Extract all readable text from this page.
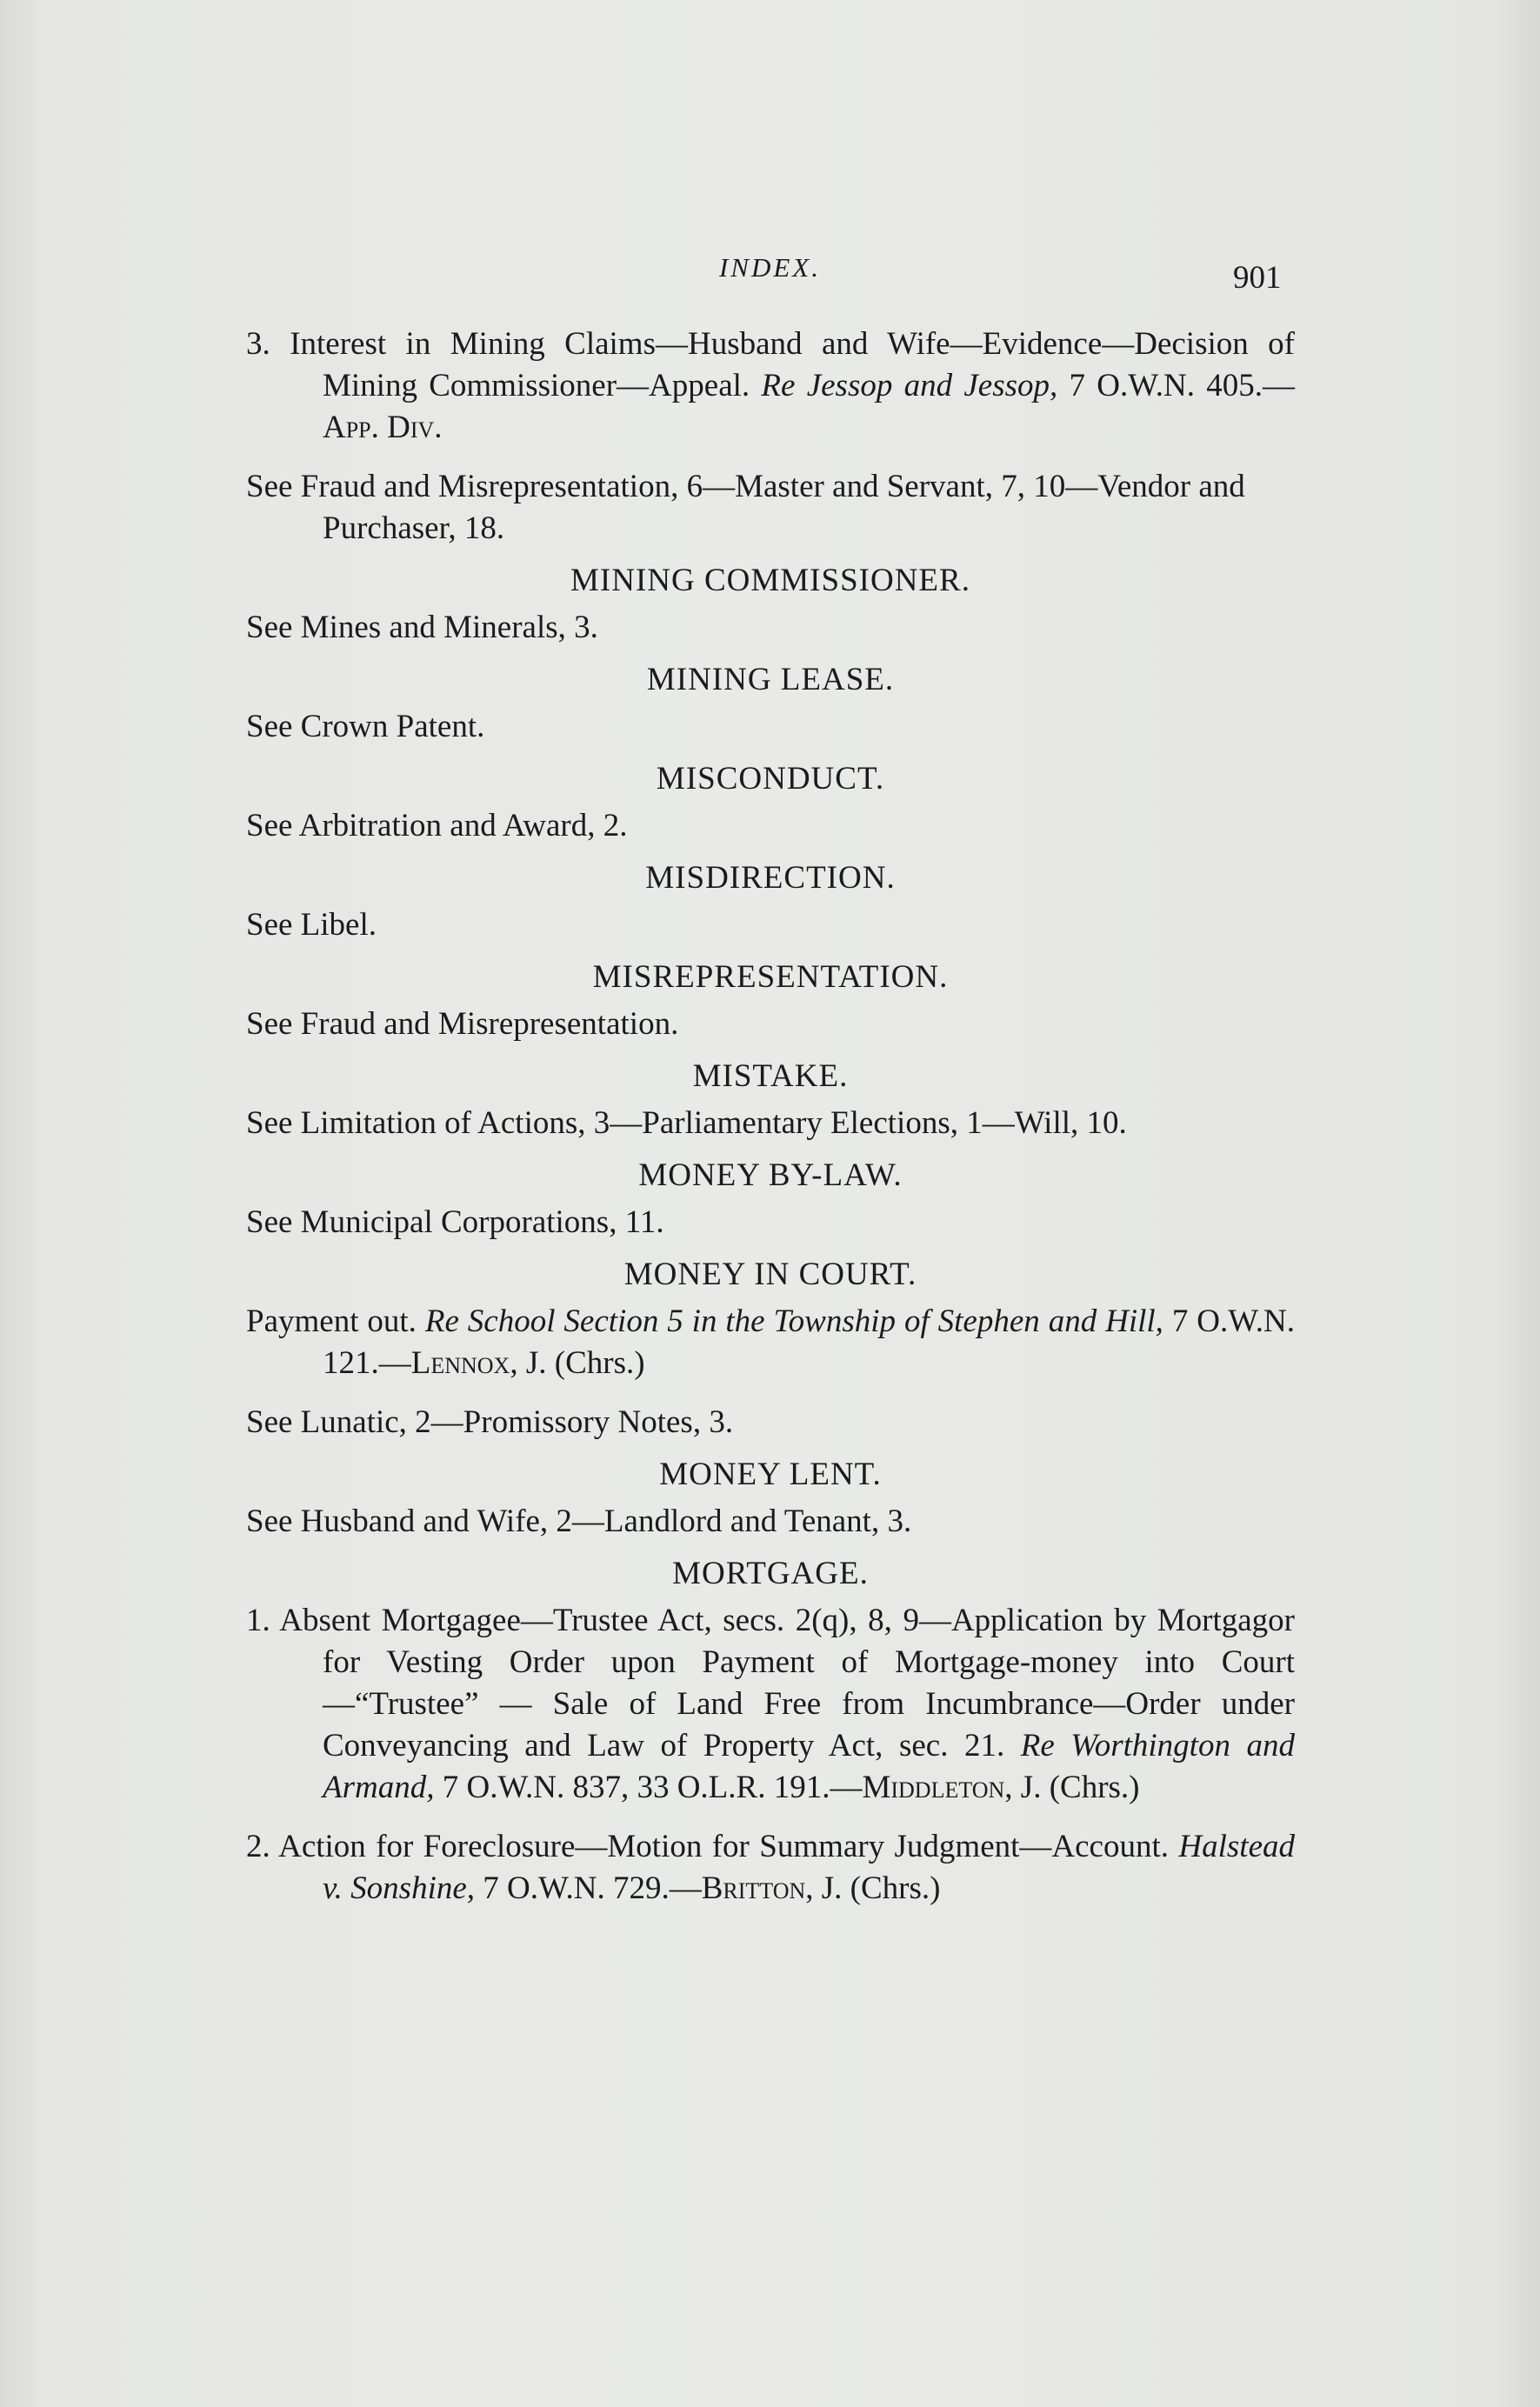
INDEX.	901

3. Interest in Mining Claims—Husband and Wife—Evidence—Decision of Mining Commissioner—Appeal. Re Jessop and Jessop, 7 O.W.N. 405.—App. Div.

See Fraud and Misrepresentation, 6—Master and Servant, 7, 10—Vendor and Purchaser, 18.

MINING COMMISSIONER.

See Mines and Minerals, 3.

MINING LEASE.

See Crown Patent.

MISCONDUCT.

See Arbitration and Award, 2.

MISDIRECTION.

See Libel.

MISREPRESENTATION.

See Fraud and Misrepresentation.

MISTAKE.

See Limitation of Actions, 3—Parliamentary Elections, 1—Will, 10.

MONEY BY-LAW.

See Municipal Corporations, 11.

MONEY IN COURT.

Payment out. Re School Section 5 in the Township of Stephen and Hill, 7 O.W.N. 121.—Lennox, J. (Chrs.)

See Lunatic, 2—Promissory Notes, 3.

MONEY LENT.

See Husband and Wife, 2—Landlord and Tenant, 3.

MORTGAGE.

1. Absent Mortgagee—Trustee Act, secs. 2(q), 8, 9—Application by Mortgagor for Vesting Order upon Payment of Mortgage-money into Court—“Trustee” — Sale of Land Free from Incumbrance—Order under Conveyancing and Law of Property Act, sec. 21. Re Worthington and Armand, 7 O.W.N. 837, 33 O.L.R. 191.—Middleton, J. (Chrs.)

2. Action for Foreclosure—Motion for Summary Judgment—Account. Halstead v. Sonshine, 7 O.W.N. 729.—Britton, J. (Chrs.)
